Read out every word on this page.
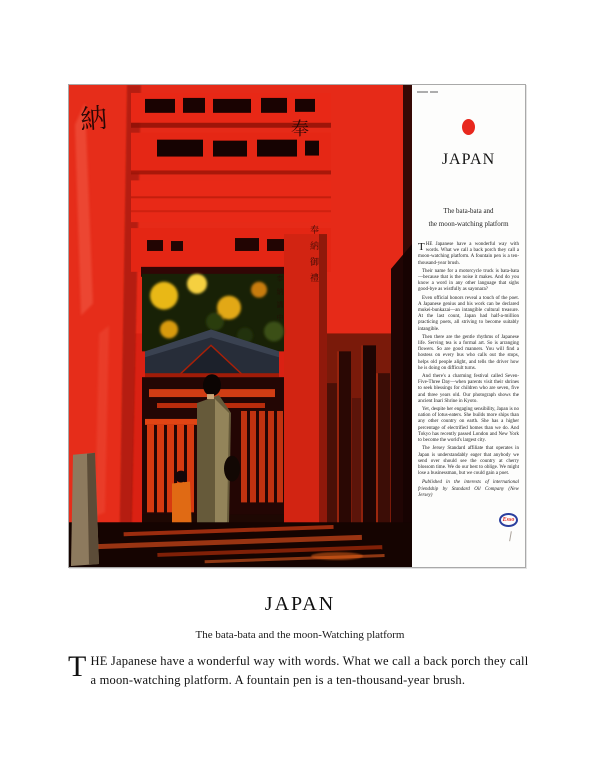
納	奉
奉納御禮
奉納講中
JAPAN
The bata-bata and
the moon-watching platform

THE Japanese have a wonderful way with words. What we call a back porch they call a moon-watching platform. A fountain pen is a ten-thousand-year brush.

Their name for a motorcycle truck is bata-bata—because that is the noise it makes. And do you know a word in any other language that sighs good-bye as wistfully as sayonara?

Even official honors reveal a touch of the poet. A Japanese genius and his work can be declared mukei-bunkazai—an intangible cultural treasure. At the last count, Japan had half-a-million practicing poets, all striving to become suitably intangible.

Then there are the gentle rhythms of Japanese life. Serving tea is a formal art. So is arranging flowers. So are good manners. You will find a hostess on every bus who calls out the stops, helps old people alight, and tells the driver how he is doing on difficult turns.

And there's a charming festival called Seven-Five-Three Day—when parents visit their shrines to seek blessings for children who are seven, five and three years old. Our photograph shows the ancient Inari Shrine in Kyoto.

Yet, despite her engaging sensibility, Japan is no nation of lotus-eaters. She builds more ships than any other country on earth. She has a higher percentage of electrified homes than we do. And Tokyo has recently passed London and New York to become the world's largest city.

The Jersey Standard affiliate that operates in Japan is understandably eager that anybody we send over should see the country at cherry blossom time. We do our best to oblige. We might lose a businessman, but we could gain a poet.

Published in the interests of international friendship by Standard Oil Company (New Jersey)

Esso
JAPAN
The bata-bata and the moon-Watching platform

THE Japanese have a wonderful way with words. What we call a back porch they call a moon-watching platform. A fountain pen is a ten-thousand-year brush.
